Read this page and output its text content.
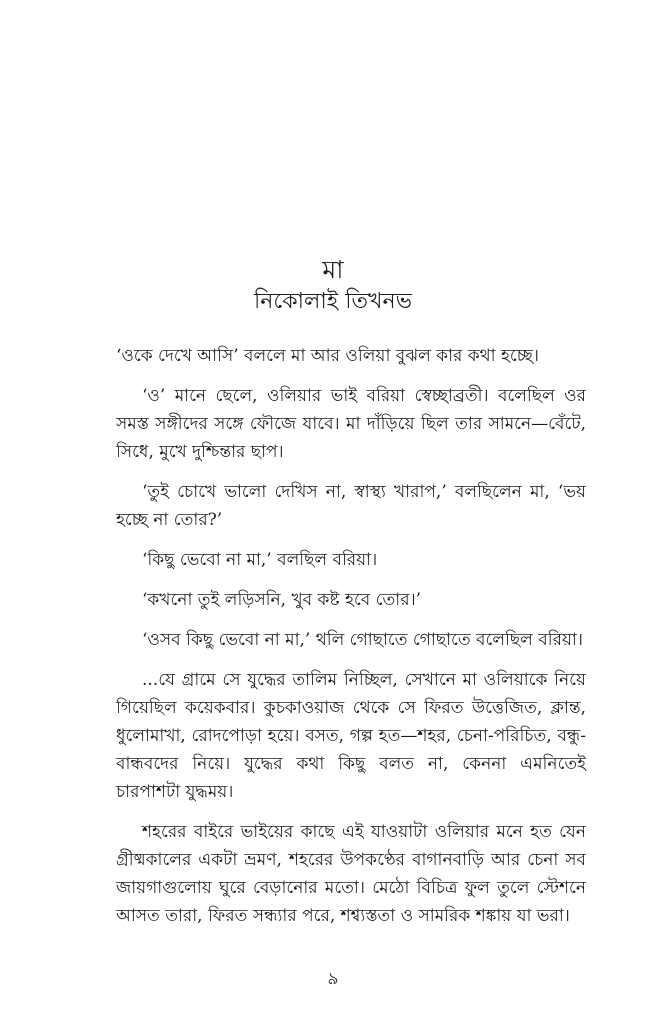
মা
নিকোলাই তিখনভ

‘ওকে দেখে আসি’ বললে মা আর ওলিয়া বুঝল কার কথা হচ্ছে।

‘ও’ মানে ছেলে, ওলিয়ার ভাই বরিয়া স্বেচ্ছাব্রতী। বলেছিল ওর সমস্ত সঙ্গীদের সঙ্গে ফৌজে যাবে। মা দাঁড়িয়ে ছিল তার সামনে—বেঁটে, সিধে, মুখে দুশ্চিন্তার ছাপ।

‘তুই চোখে ভালো দেখিস না, স্বাস্থ্য খারাপ,’ বলছিলেন মা, ‘ভয় হচ্ছে না তোর?’

‘কিছু ভেবো না মা,’ বলছিল বরিয়া।

‘কখনো তুই লড়িসনি, খুব কষ্ট হবে তোর।’

‘ওসব কিছু ভেবো না মা,’ থলি গোছাতে গোছাতে বলেছিল বরিয়া।

...যে গ্রামে সে যুদ্ধের তালিম নিচ্ছিল, সেখানে মা ওলিয়াকে নিয়ে গিয়েছিল কয়েকবার। কুচকাওয়াজ থেকে সে ফিরত উত্তেজিত, ক্লান্ত, ধুলোমাখা, রোদপোড়া হয়ে। বসত, গল্প হত—শহর, চেনা-পরিচিত, বন্ধু-বান্ধবদের নিয়ে। যুদ্ধের কথা কিছু বলত না, কেননা এমনিতেই চারপাশটা যুদ্ধময়।

শহরের বাইরে ভাইয়ের কাছে এই যাওয়াটা ওলিয়ার মনে হত যেন গ্রীষ্মকালের একটা ভ্রমণ, শহরের উপকণ্ঠের বাগানবাড়ি আর চেনা সব জায়গাগুলোয় ঘুরে বেড়ানোর মতো। মেঠো বিচিত্র ফুল তুলে স্টেশনে আসত তারা, ফিরত সন্ধ্যার পরে, শশ্ব্যস্ততা ও সামরিক শঙ্কায় যা ভরা।

৯
